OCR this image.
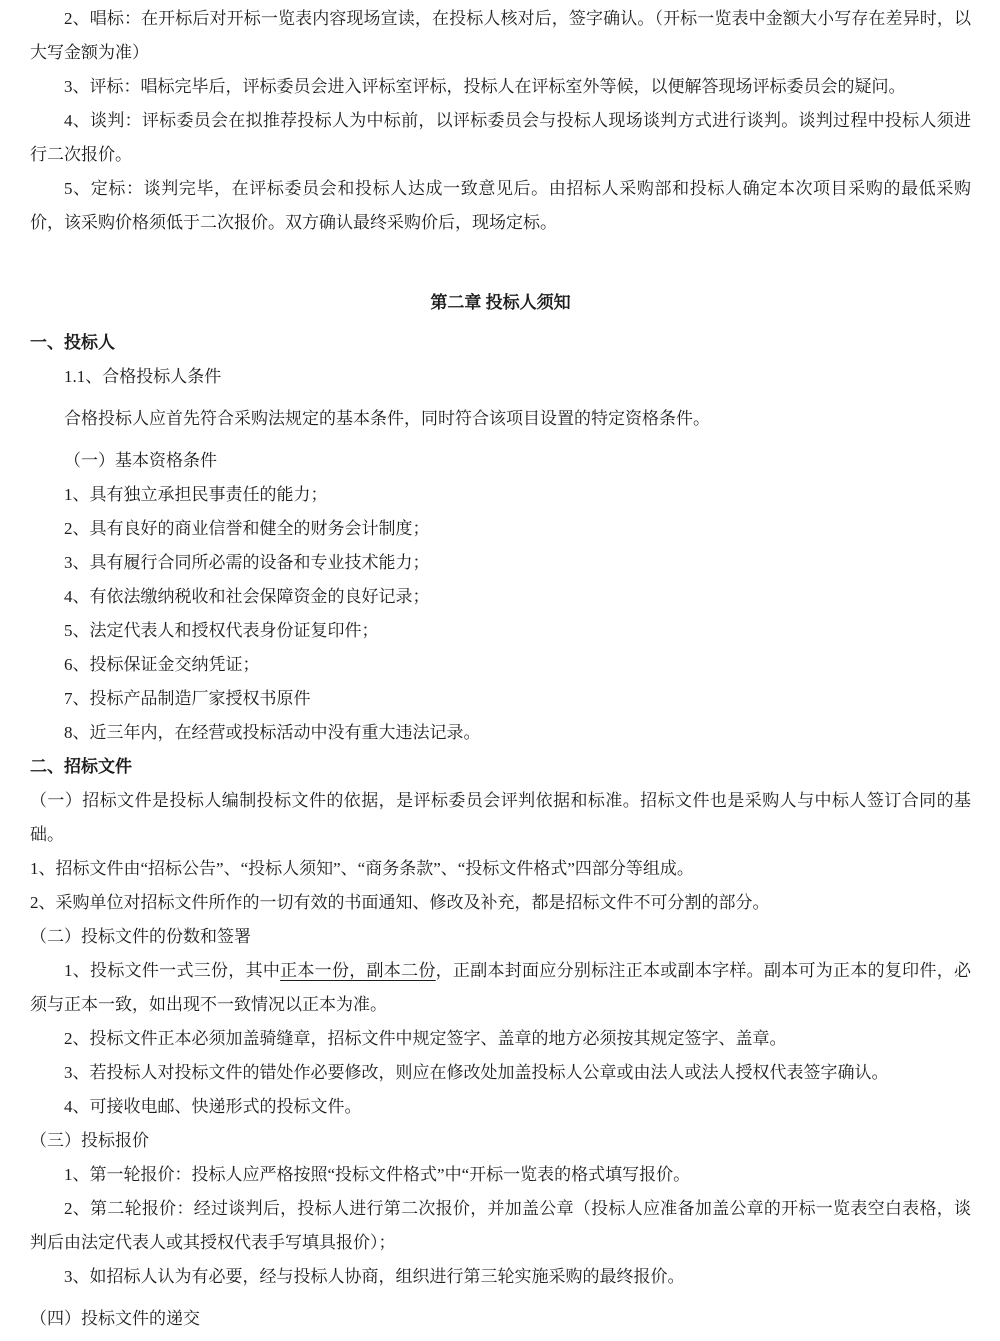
2、唱标：在开标后对开标一览表内容现场宣读，在投标人核对后，签字确认。（开标一览表中金额大小写存在差异时，以大写金额为准）

3、评标：唱标完毕后，评标委员会进入评标室评标，投标人在评标室外等候，以便解答现场评标委员会的疑问。

4、谈判：评标委员会在拟推荐投标人为中标前，以评标委员会与投标人现场谈判方式进行谈判。谈判过程中投标人须进行二次报价。

5、定标：谈判完毕，在评标委员会和投标人达成一致意见后。由招标人采购部和投标人确定本次项目采购的最低采购价，该采购价格须低于二次报价。双方确认最终采购价后，现场定标。

第二章 投标人须知

一、投标人

1.1、合格投标人条件

合格投标人应首先符合采购法规定的基本条件，同时符合该项目设置的特定资格条件。

（一）基本资格条件

1、具有独立承担民事责任的能力；

2、具有良好的商业信誉和健全的财务会计制度；

3、具有履行合同所必需的设备和专业技术能力；

4、有依法缴纳税收和社会保障资金的良好记录；

5、法定代表人和授权代表身份证复印件；

6、投标保证金交纳凭证；

7、投标产品制造厂家授权书原件

8、近三年内，在经营或投标活动中没有重大违法记录。

二、招标文件

（一）招标文件是投标人编制投标文件的依据，是评标委员会评判依据和标准。招标文件也是采购人与中标人签订合同的基础。

1、招标文件由“招标公告”、“投标人须知”、“商务条款”、“投标文件格式”四部分等组成。

2、采购单位对招标文件所作的一切有效的书面通知、修改及补充，都是招标文件不可分割的部分。

（二）投标文件的份数和签署

1、投标文件一式三份，其中正本一份，副本二份，正副本封面应分别标注正本或副本字样。副本可为正本的复印件，必须与正本一致，如出现不一致情况以正本为准。

2、投标文件正本必须加盖骑缝章，招标文件中规定签字、盖章的地方必须按其规定签字、盖章。

3、若投标人对投标文件的错处作必要修改，则应在修改处加盖投标人公章或由法人或法人授权代表签字确认。

4、可接收电邮、快递形式的投标文件。

（三）投标报价

1、第一轮报价：投标人应严格按照“投标文件格式”中“开标一览表的格式填写报价。

2、第二轮报价：经过谈判后，投标人进行第二次报价，并加盖公章（投标人应准备加盖公章的开标一览表空白表格，谈判后由法定代表人或其授权代表手写填具报价）；

3、如招标人认为有必要，经与投标人协商，组织进行第三轮实施采购的最终报价。

（四）投标文件的递交
